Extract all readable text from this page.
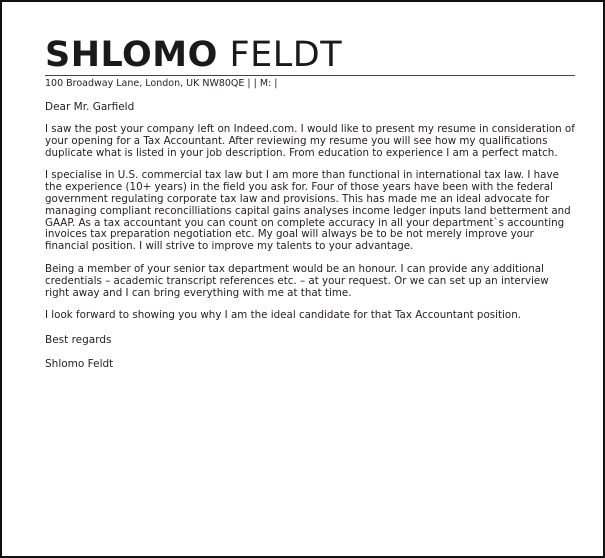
SHLOMO FELDT
100 Broadway Lane, London, UK NW80QE | | M: |
Dear Mr. Garfield

I saw the post your company left on Indeed.com. I would like to present my resume in consideration of your opening for a Tax Accountant. After reviewing my resume you will see how my qualifications duplicate what is listed in your job description. From education to experience I am a perfect match.

I specialise in U.S. commercial tax law but I am more than functional in international tax law. I have the experience (10+ years) in the field you ask for. Four of those years have been with the federal government regulating corporate tax law and provisions. This has made me an ideal advocate for managing compliant reconcilliations capital gains analyses income ledger inputs land betterment and GAAP. As a tax accountant you can count on complete accuracy in all your department`s accounting invoices tax preparation negotiation etc. My goal will always be to be not merely improve your financial position. I will strive to improve my talents to your advantage.

Being a member of your senior tax department would be an honour. I can provide any additional credentials – academic transcript references etc. – at your request. Or we can set up an interview right away and I can bring everything with me at that time.

I look forward to showing you why I am the ideal candidate for that Tax Accountant position.

Best regards
Shlomo Feldt
